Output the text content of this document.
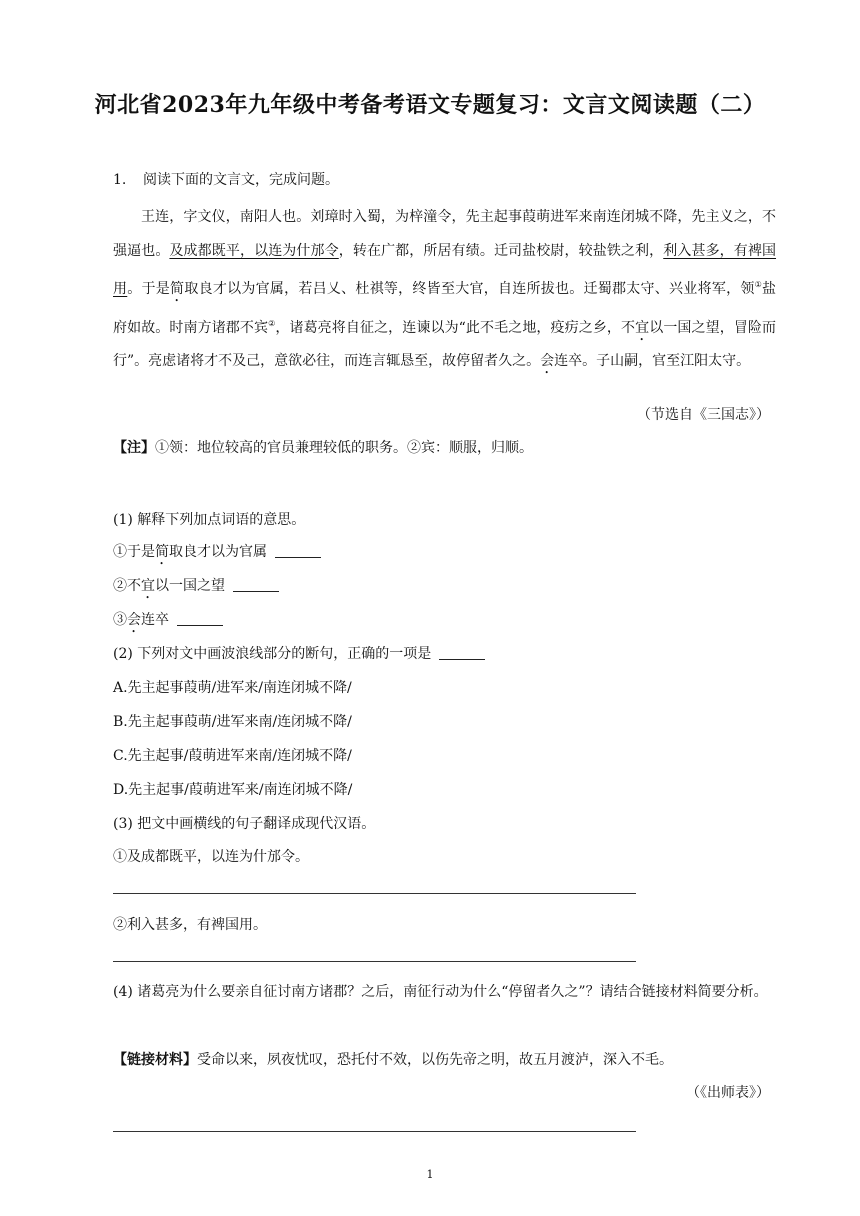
河北省2023年九年级中考备考语文专题复习：文言文阅读题（二）
1. 阅读下面的文言文，完成问题。
王连，字文仪，南阳人也。刘璋时入蜀，为梓潼令，先主起事葭萌进军来南连闭城不降，先主义之，不强逼也。及成都既平，以连为什邡令，转在广都，所居有绩。迁司盐校尉，较盐铁之利，利入甚多，有裨国用。于是简取良才以为官属，若吕乂、杜祺等，终皆至大官，自连所拔也。迁蜀郡太守、兴业将军，领①盐府如故。时南方诸郡不宾②，诸葛亮将自征之，连谏以为“此不毛之地，疫疠之乡，不宜以一国之望，冒险而行”。亮虑诸将才不及己，意欲必往，而连言辄恳至，故停留者久之。会连卒。子山嗣，官至江阳太守。
（节选自《三国志》）
【注】①领：地位较高的官员兼理较低的职务。②宾：顺服，归顺。
(1) 解释下列加点词语的意思。
①于是简取良才以为官属
②不宜以一国之望
③会连卒
(2) 下列对文中画波浪线部分的断句，正确的一项是
A.先主起事葭萌/进军来/南连闭城不降/
B.先主起事葭萌/进军来南/连闭城不降/
C.先主起事/葭萌进军来南/连闭城不降/
D.先主起事/葭萌进军来/南连闭城不降/
(3) 把文中画横线的句子翻译成现代汉语。
①及成都既平，以连为什邡令。
②利入甚多，有裨国用。
(4) 诸葛亮为什么要亲自征讨南方诸郡？之后，南征行动为什么“停留者久之”？请结合链接材料简要分析。
【链接材料】受命以来，夙夜忧叹，恐托付不效，以伤先帝之明，故五月渡泸，深入不毛。
（《出师表》）
1
